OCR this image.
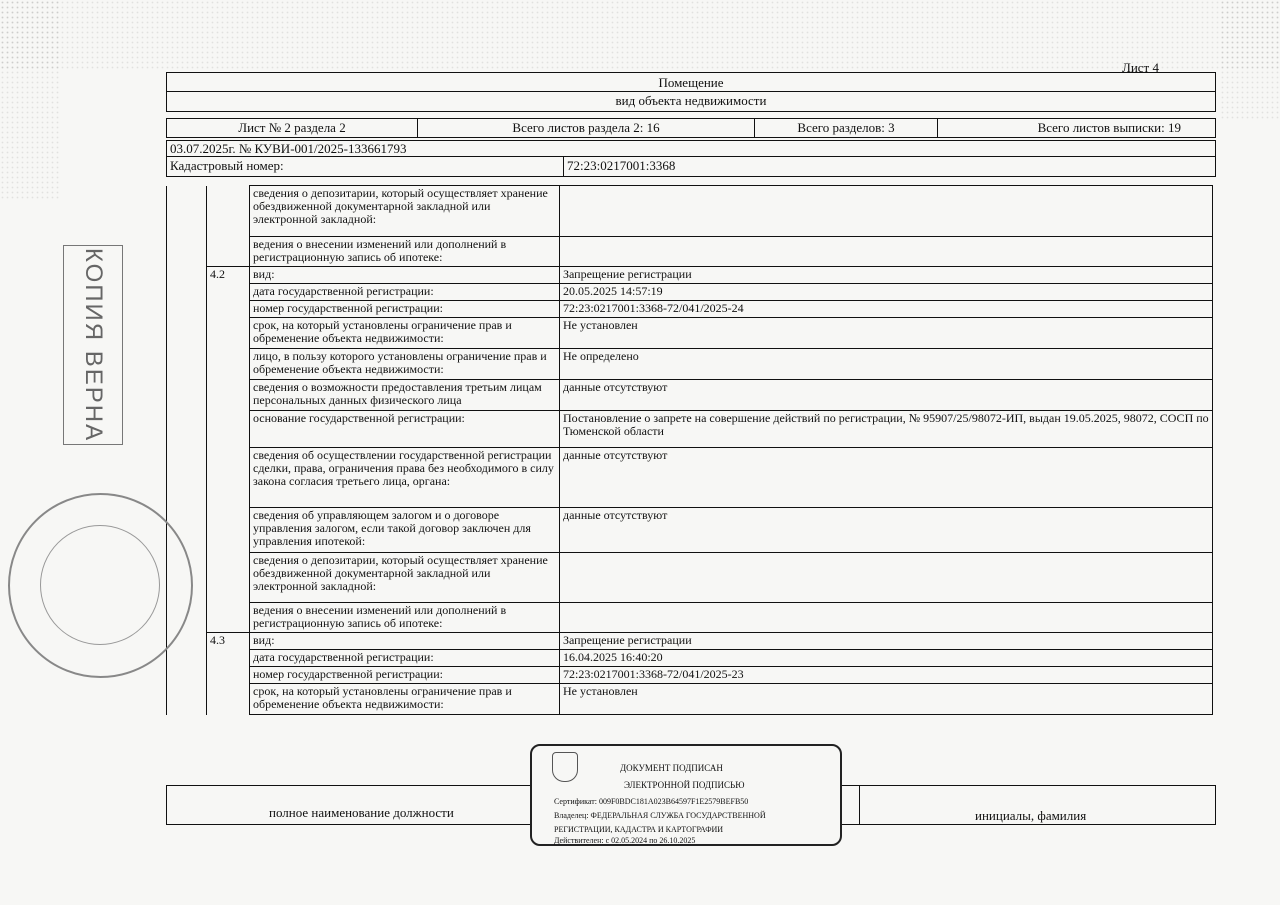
Лист 4
Помещение
вид объекта недвижимости
Лист № 2 раздела 2	Всего листов раздела 2: 16	Всего разделов: 3	Всего листов выписки: 19
03.07.2025г. № КУВИ-001/2025-133661793
Кадастровый номер:	72:23:0217001:3368
		сведения о депозитарии, который осуществляет хранение обездвиженной документарной закладной или электронной закладной:	
		ведения о внесении изменений или дополнений в регистрационную запись об ипотеке:	
	4.2	вид:	Запрещение регистрации
		дата государственной регистрации:	20.05.2025 14:57:19
		номер государственной регистрации:	72:23:0217001:3368-72/041/2025-24
		срок, на который установлены ограничение прав и обременение объекта недвижимости:	Не установлен
		лицо, в пользу которого установлены ограничение прав и обременение объекта недвижимости:	Не определено
		сведения о возможности предоставления третьим лицам персональных данных физического лица	данные отсутствуют
		основание государственной регистрации:	Постановление о запрете на совершение действий по регистрации, № 95907/25/98072-ИП, выдан 19.05.2025, 98072, СОСП по Тюменской области
		сведения об осуществлении государственной регистрации сделки, права, ограничения права без необходимого в силу закона согласия третьего лица, органа:	данные отсутствуют
		сведения об управляющем залогом и о договоре управления залогом, если такой договор заключен для управления ипотекой:	данные отсутствуют
		сведения о депозитарии, который осуществляет хранение обездвиженной документарной закладной или электронной закладной:	
		ведения о внесении изменений или дополнений в регистрационную запись об ипотеке:	
	4.3	вид:	Запрещение регистрации
		дата государственной регистрации:	16.04.2025 16:40:20
		номер государственной регистрации:	72:23:0217001:3368-72/041/2025-23
		срок, на который установлены ограничение прав и обременение объекта недвижимости:	Не установлен
КОПИЯ ВЕРНА
полное наименование должности	инициалы, фамилия
ДОКУМЕНТ ПОДПИСАН
ЭЛЕКТРОННОЙ ПОДПИСЬЮ
Сертификат: 009F0BDC181A023B64597F1E2579BEFB50
Владелец: ФЕДЕРАЛЬНАЯ СЛУЖБА ГОСУДАРСТВЕННОЙ
РЕГИСТРАЦИИ, КАДАСТРА И КАРТОГРАФИИ
Действителен: с 02.05.2024 по 26.10.2025
